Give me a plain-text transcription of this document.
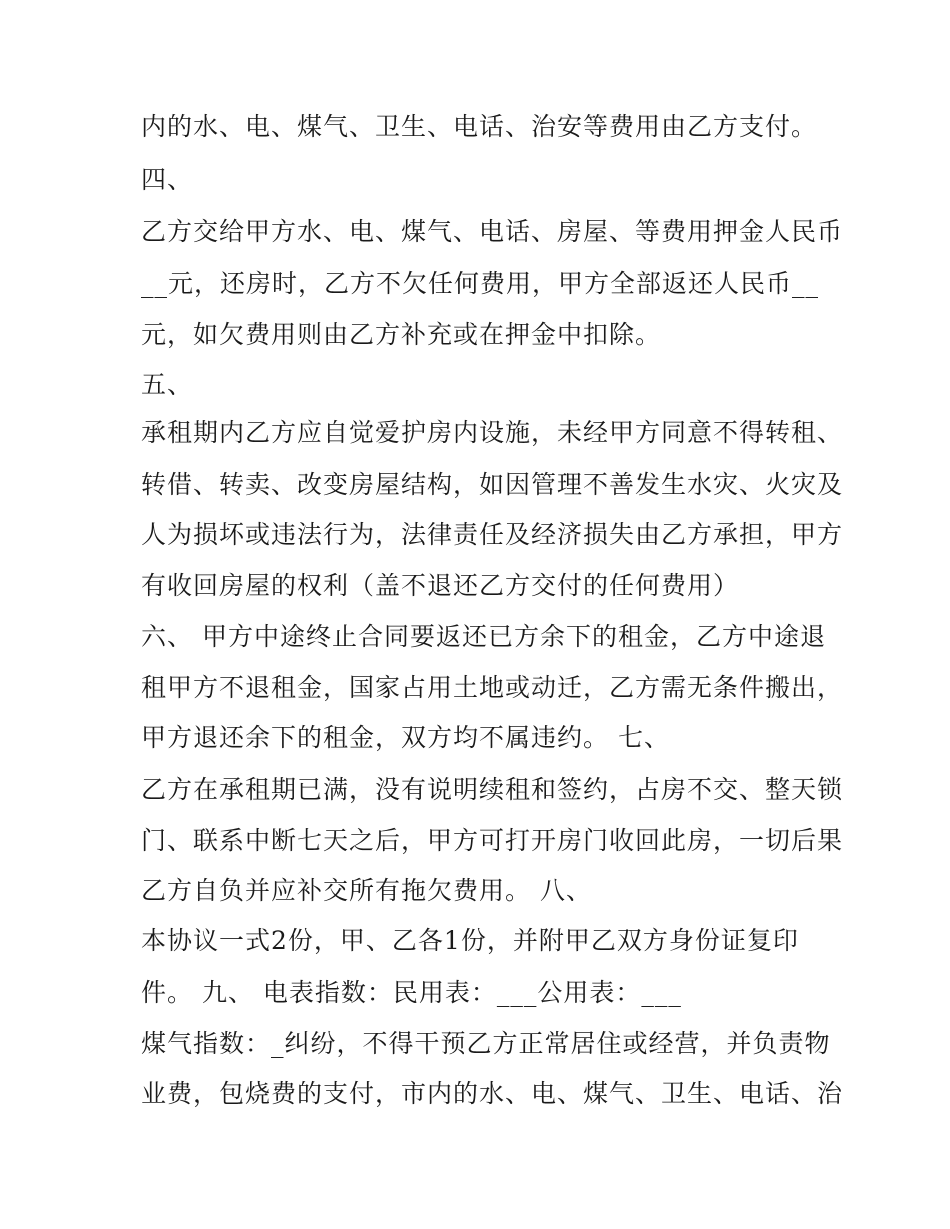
内的水、电、煤气、卫生、电话、治安等费用由乙方支付。
四、
乙方交给甲方水、电、煤气、电话、房屋、等费用押金人民币
__元，还房时，乙方不欠任何费用，甲方全部返还人民币__
元，如欠费用则由乙方补充或在押金中扣除。
五、
承租期内乙方应自觉爱护房内设施，未经甲方同意不得转租、
转借、转卖、改变房屋结构，如因管理不善发生水灾、火灾及
人为损坏或违法行为，法律责任及经济损失由乙方承担，甲方
有收回房屋的权利（盖不退还乙方交付的任何费用）
六、 甲方中途终止合同要返还已方余下的租金，乙方中途退
租甲方不退租金，国家占用土地或动迁，乙方需无条件搬出，
甲方退还余下的租金，双方均不属违约。 七、
乙方在承租期已满，没有说明续租和签约，占房不交、整天锁
门、联系中断七天之后，甲方可打开房门收回此房，一切后果
乙方自负并应补交所有拖欠费用。 八、
本协议一式2份，甲、乙各1份，并附甲乙双方身份证复印
件。 九、 电表指数：民用表：___公用表：___
煤气指数：_纠纷，不得干预乙方正常居住或经营，并负责物
业费，包烧费的支付，市内的水、电、煤气、卫生、电话、治
